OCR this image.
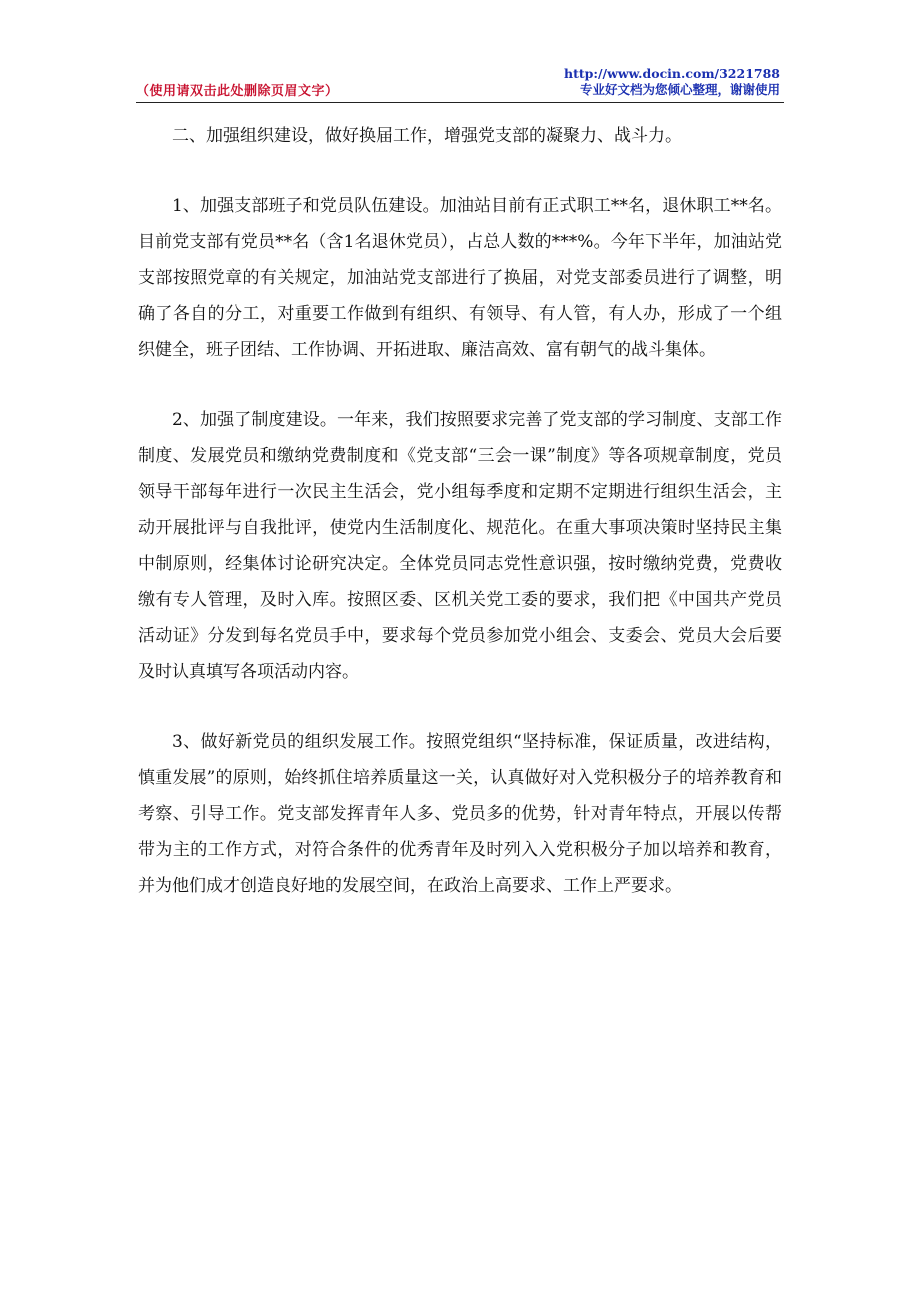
（使用请双击此处删除页眉文字）
http://www.docin.com/3221788
专业好文档为您倾心整理，谢谢使用

二、加强组织建设，做好换届工作，增强党支部的凝聚力、战斗力。

1、加强支部班子和党员队伍建设。加油站目前有正式职工**名，退休职工**名。目前党支部有党员**名（含1名退休党员），占总人数的***%。今年下半年，加油站党支部按照党章的有关规定，加油站党支部进行了换届，对党支部委员进行了调整，明确了各自的分工，对重要工作做到有组织、有领导、有人管，有人办，形成了一个组织健全，班子团结、工作协调、开拓进取、廉洁高效、富有朝气的战斗集体。

2、加强了制度建设。一年来，我们按照要求完善了党支部的学习制度、支部工作制度、发展党员和缴纳党费制度和《党支部“三会一课”制度》等各项规章制度，党员领导干部每年进行一次民主生活会，党小组每季度和定期不定期进行组织生活会，主动开展批评与自我批评，使党内生活制度化、规范化。在重大事项决策时坚持民主集中制原则，经集体讨论研究决定。全体党员同志党性意识强，按时缴纳党费，党费收缴有专人管理，及时入库。按照区委、区机关党工委的要求，我们把《中国共产党员活动证》分发到每名党员手中，要求每个党员参加党小组会、支委会、党员大会后要及时认真填写各项活动内容。

3、做好新党员的组织发展工作。按照党组织“坚持标准，保证质量，改进结构，慎重发展”的原则，始终抓住培养质量这一关，认真做好对入党积极分子的培养教育和考察、引导工作。党支部发挥青年人多、党员多的优势，针对青年特点，开展以传帮带为主的工作方式，对符合条件的优秀青年及时列入入党积极分子加以培养和教育，并为他们成才创造良好地的发展空间，在政治上高要求、工作上严要求。
